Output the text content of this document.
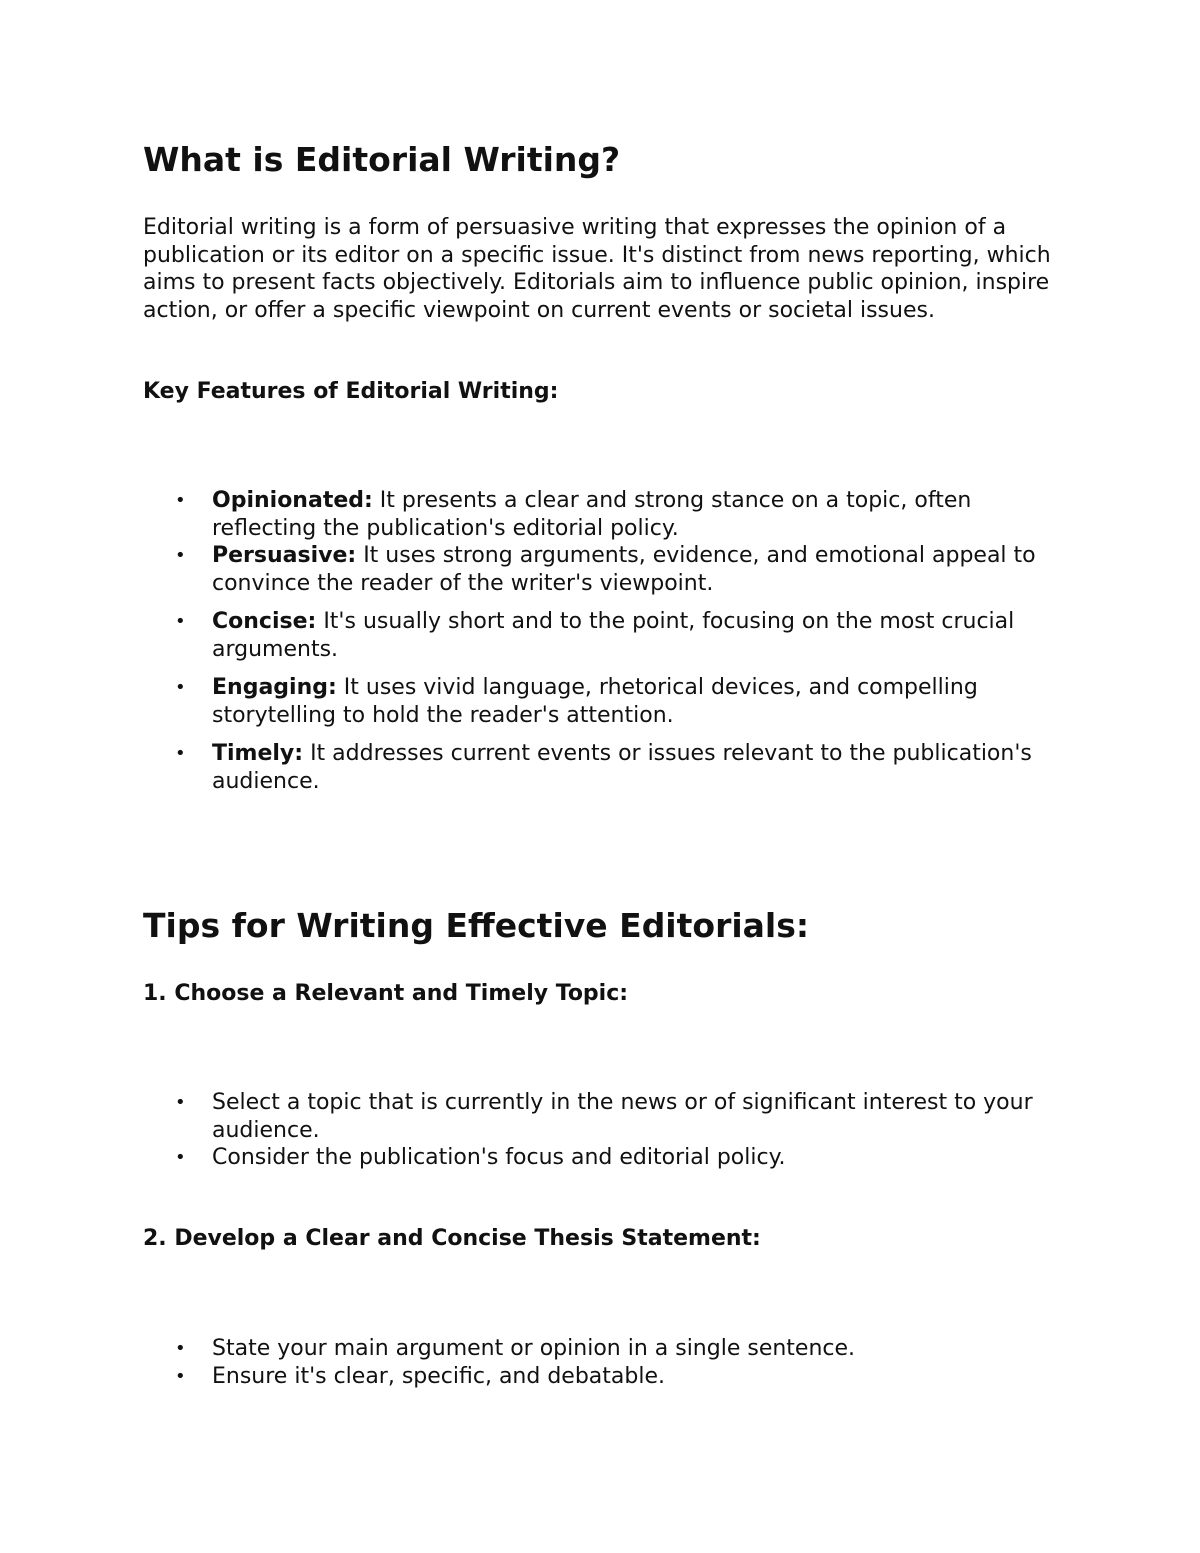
What is Editorial Writing?

Editorial writing is a form of persuasive writing that expresses the opinion of a publication or its editor on a specific issue. It's distinct from news reporting, which aims to present facts objectively. Editorials aim to influence public opinion, inspire action, or offer a specific viewpoint on current events or societal issues.

Key Features of Editorial Writing:

• Opinionated: It presents a clear and strong stance on a topic, often reflecting the publication's editorial policy.
• Persuasive: It uses strong arguments, evidence, and emotional appeal to convince the reader of the writer's viewpoint.
• Concise: It's usually short and to the point, focusing on the most crucial arguments.
• Engaging: It uses vivid language, rhetorical devices, and compelling storytelling to hold the reader's attention.
• Timely: It addresses current events or issues relevant to the publication's audience.
Tips for Writing Effective Editorials:

1. Choose a Relevant and Timely Topic:

• Select a topic that is currently in the news or of significant interest to your audience.
• Consider the publication's focus and editorial policy.

2. Develop a Clear and Concise Thesis Statement:

• State your main argument or opinion in a single sentence.
• Ensure it's clear, specific, and debatable.
